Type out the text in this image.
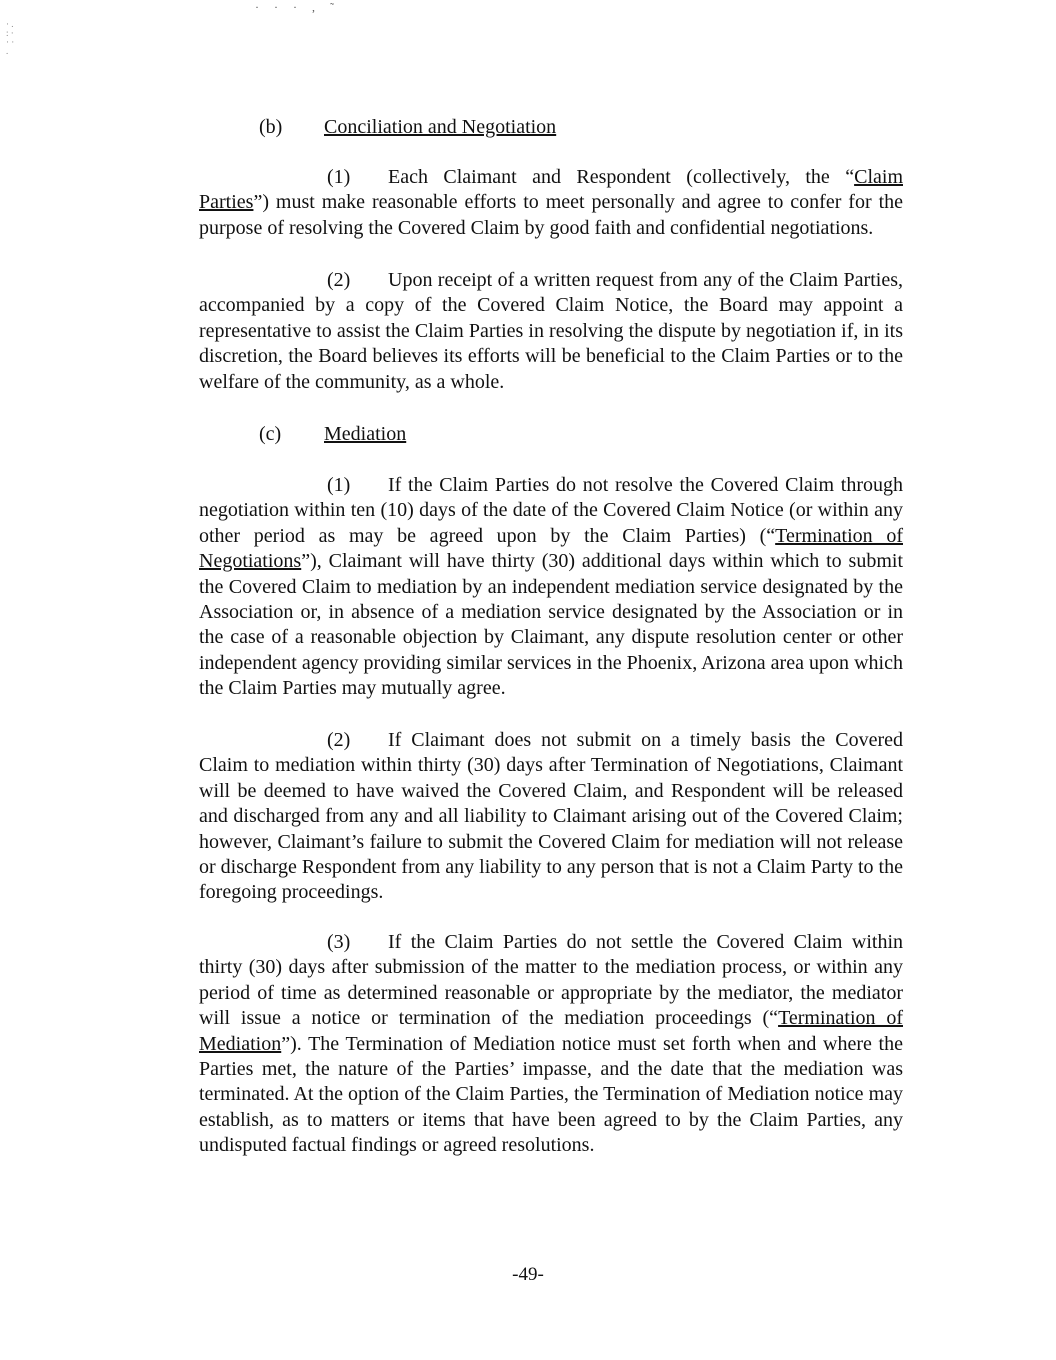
· · · , ˜
· .
: ·
· ·
.
(b) Conciliation and Negotiation
(1) Each Claimant and Respondent (collectively, the “Claim Parties”) must make reasonable efforts to meet personally and agree to confer for the purpose of resolving the Covered Claim by good faith and confidential negotiations.
(2) Upon receipt of a written request from any of the Claim Parties, accompanied by a copy of the Covered Claim Notice, the Board may appoint a representative to assist the Claim Parties in resolving the dispute by negotiation if, in its discretion, the Board believes its efforts will be beneficial to the Claim Parties or to the welfare of the community, as a whole.
(c) Mediation
(1) If the Claim Parties do not resolve the Covered Claim through negotiation within ten (10) days of the date of the Covered Claim Notice (or within any other period as may be agreed upon by the Claim Parties) (“Termination of Negotiations”), Claimant will have thirty (30) additional days within which to submit the Covered Claim to mediation by an independent mediation service designated by the Association or, in absence of a mediation service designated by the Association or in the case of a reasonable objection by Claimant, any dispute resolution center or other independent agency providing similar services in the Phoenix, Arizona area upon which the Claim Parties may mutually agree.
(2) If Claimant does not submit on a timely basis the Covered Claim to mediation within thirty (30) days after Termination of Negotiations, Claimant will be deemed to have waived the Covered Claim, and Respondent will be released and discharged from any and all liability to Claimant arising out of the Covered Claim; however, Claimant’s failure to submit the Covered Claim for mediation will not release or discharge Respondent from any liability to any person that is not a Claim Party to the foregoing proceedings.
(3) If the Claim Parties do not settle the Covered Claim within thirty (30) days after submission of the matter to the mediation process, or within any period of time as determined reasonable or appropriate by the mediator, the mediator will issue a notice or termination of the mediation proceedings (“Termination of Mediation”). The Termination of Mediation notice must set forth when and where the Parties met, the nature of the Parties’ impasse, and the date that the mediation was terminated. At the option of the Claim Parties, the Termination of Mediation notice may establish, as to matters or items that have been agreed to by the Claim Parties, any undisputed factual findings or agreed resolutions.
-49-
